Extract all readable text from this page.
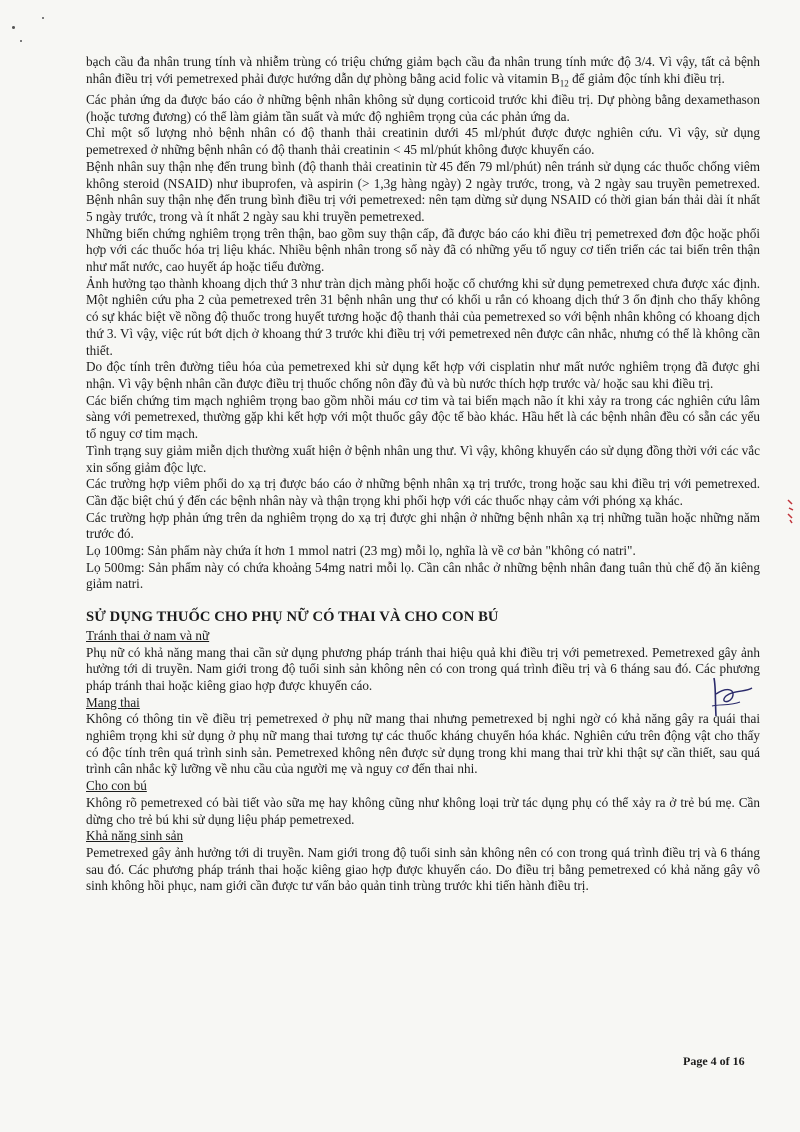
bạch cầu đa nhân trung tính và nhiễm trùng có triệu chứng giảm bạch cầu đa nhân trung tính mức độ 3/4. Vì vậy, tất cả bệnh nhân điều trị với pemetrexed phải được hướng dẫn dự phòng bằng acid folic và vitamin $B_{12}$ để giảm độc tính khi điều trị.

Các phản ứng da được báo cáo ở những bệnh nhân không sử dụng corticoid trước khi điều trị. Dự phòng bằng dexamethason (hoặc tương đương) có thể làm giảm tần suất và mức độ nghiêm trọng của các phản ứng da.

Chỉ một số lượng nhỏ bệnh nhân có độ thanh thải creatinin dưới 45 ml/phút được được nghiên cứu. Vì vậy, sử dụng pemetrexed ở những bệnh nhân có độ thanh thải creatinin < 45 ml/phút không được khuyến cáo.

Bệnh nhân suy thận nhẹ đến trung bình (độ thanh thải creatinin từ 45 đến 79 ml/phút) nên tránh sử dụng các thuốc chống viêm không steroid (NSAID) như ibuprofen, và aspirin (> 1,3g hàng ngày) 2 ngày trước, trong, và 2 ngày sau truyền pemetrexed. Bệnh nhân suy thận nhẹ đến trung bình điều trị với pemetrexed: nên tạm dừng sử dụng NSAID có thời gian bán thải dài ít nhất 5 ngày trước, trong và ít nhất 2 ngày sau khi truyền pemetrexed.

Những biến chứng nghiêm trọng trên thận, bao gồm suy thận cấp, đã được báo cáo khi điều trị pemetrexed đơn độc hoặc phối hợp với các thuốc hóa trị liệu khác. Nhiều bệnh nhân trong số này đã có những yếu tố nguy cơ tiến triển các tai biến trên thận như mất nước, cao huyết áp hoặc tiểu đường.

Ảnh hưởng tạo thành khoang dịch thứ 3 như tràn dịch màng phổi hoặc cổ chướng khi sử dụng pemetrexed chưa được xác định. Một nghiên cứu pha 2 của pemetrexed trên 31 bệnh nhân ung thư có khối u rắn có khoang dịch thứ 3 ổn định cho thấy không có sự khác biệt về nồng độ thuốc trong huyết tương hoặc độ thanh thải của pemetrexed so với bệnh nhân không có khoang dịch thứ 3. Vì vậy, việc rút bớt dịch ở khoang thứ 3 trước khi điều trị với pemetrexed nên được cân nhắc, nhưng có thể là không cần thiết.

Do độc tính trên đường tiêu hóa của pemetrexed khi sử dụng kết hợp với cisplatin như mất nước nghiêm trọng đã được ghi nhận. Vì vậy bệnh nhân cần được điều trị thuốc chống nôn đầy đủ và bù nước thích hợp trước và/ hoặc sau khi điều trị.

Các biến chứng tim mạch nghiêm trọng bao gồm nhồi máu cơ tim và tai biến mạch não ít khi xảy ra trong các nghiên cứu lâm sàng với pemetrexed, thường gặp khi kết hợp với một thuốc gây độc tế bào khác. Hầu hết là các bệnh nhân đều có sẵn các yếu tố nguy cơ tim mạch.

Tình trạng suy giảm miễn dịch thường xuất hiện ở bệnh nhân ung thư. Vì vậy, không khuyến cáo sử dụng đồng thời với các vắc xin sống giảm độc lực.

Các trường hợp viêm phổi do xạ trị được báo cáo ở những bệnh nhân xạ trị trước, trong hoặc sau khi điều trị với pemetrexed. Cần đặc biệt chú ý đến các bệnh nhân này và thận trọng khi phối hợp với các thuốc nhạy cảm với phóng xạ khác.

Các trường hợp phản ứng trên da nghiêm trọng do xạ trị được ghi nhận ở những bệnh nhân xạ trị những tuần hoặc những năm trước đó.

Lọ 100mg: Sản phẩm này chứa ít hơn 1 mmol natri (23 mg) mỗi lọ, nghĩa là về cơ bản "không có natri".

Lọ 500mg: Sản phẩm này có chứa khoảng 54mg natri mỗi lọ. Cần cân nhắc ở những bệnh nhân đang tuân thủ chế độ ăn kiêng giảm natri.

SỬ DỤNG THUỐC CHO PHỤ NỮ CÓ THAI VÀ CHO CON BÚ

Tránh thai ở nam và nữ

Phụ nữ có khả năng mang thai cần sử dụng phương pháp tránh thai hiệu quả khi điều trị với pemetrexed. Pemetrexed gây ảnh hưởng tới di truyền. Nam giới trong độ tuổi sinh sản không nên có con trong quá trình điều trị và 6 tháng sau đó. Các phương pháp tránh thai hoặc kiêng giao hợp được khuyến cáo.

Mang thai

Không có thông tin về điều trị pemetrexed ở phụ nữ mang thai nhưng pemetrexed bị nghi ngờ có khả năng gây ra quái thai nghiêm trọng khi sử dụng ở phụ nữ mang thai tương tự các thuốc kháng chuyển hóa khác. Nghiên cứu trên động vật cho thấy có độc tính trên quá trình sinh sản. Pemetrexed không nên được sử dụng trong khi mang thai trừ khi thật sự cần thiết, sau quá trình cân nhắc kỹ lưỡng về nhu cầu của người mẹ và nguy cơ đến thai nhi.

Cho con bú

Không rõ pemetrexed có bài tiết vào sữa mẹ hay không cũng như không loại trừ tác dụng phụ có thể xảy ra ở trẻ bú mẹ. Cần dừng cho trẻ bú khi sử dụng liệu pháp pemetrexed.

Khả năng sinh sản

Pemetrexed gây ảnh hưởng tới di truyền. Nam giới trong độ tuổi sinh sản không nên có con trong quá trình điều trị và 6 tháng sau đó. Các phương pháp tránh thai hoặc kiêng giao hợp được khuyến cáo. Do điều trị bằng pemetrexed có khả năng gây vô sinh không hồi phục, nam giới cần được tư vấn bảo quản tinh trùng trước khi tiến hành điều trị.

Page 4 of 16
